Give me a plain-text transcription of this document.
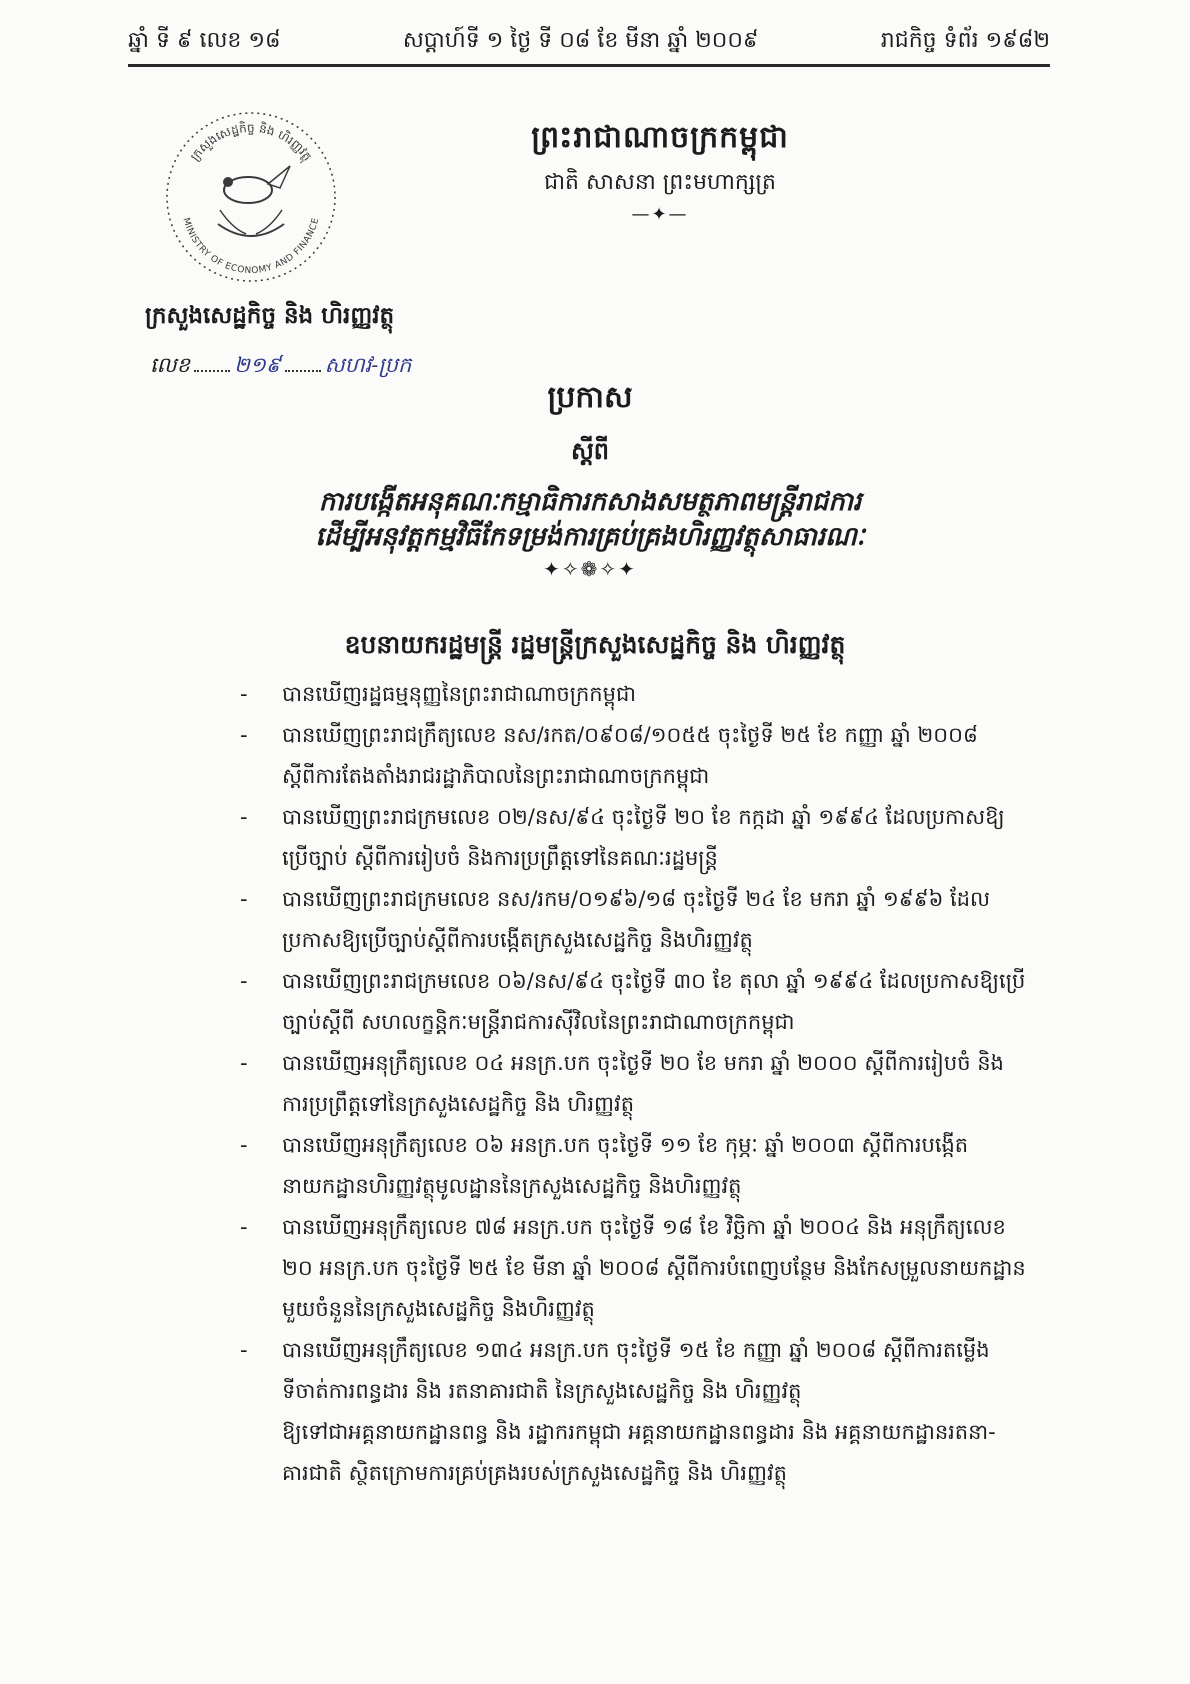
ឆ្នាំ ទី ៩ លេខ ១៨	សប្តាហ៍ទី ១ ថ្ងៃ ទី ០៨ ខែ មីនា ឆ្នាំ ២០០៩	រាជកិច្ច ទំព័រ ១៩៨២
ក្រសួងសេដ្ឋកិច្ច និង ហិរញ្ញវត្ថុ
MINISTRY OF ECONOMY AND FINANCE
ក្រសួងសេដ្ឋកិច្ច និង ហិរញ្ញវត្ថុ
លេខ ២១៩ សហវ-ប្រក
ព្រះរាជាណាចក្រកម្ពុជា
ជាតិ សាសនា ព្រះមហាក្សត្រ
—✦—
ប្រកាស
ស្តីពី
ការបង្កើតអនុគណៈកម្មាធិការកសាងសមត្ថភាពមន្ត្រីរាជការ
ដើម្បីអនុវត្តកម្មវិធីកែទម្រង់ការគ្រប់គ្រងហិរញ្ញវត្ថុសាធារណៈ
✦✧❁✧✦
ឧបនាយករដ្ឋមន្ត្រី រដ្ឋមន្ត្រីក្រសួងសេដ្ឋកិច្ច និង ហិរញ្ញវត្ថុ
- បានឃើញរដ្ឋធម្មនុញ្ញនៃព្រះរាជាណាចក្រកម្ពុជា
- បានឃើញព្រះរាជក្រឹត្យលេខ នស/រកត/០៩០៨/១០៥៥ ចុះថ្ងៃទី ២៥ ខែ កញ្ញា ឆ្នាំ ២០០៨
ស្តីពីការតែងតាំងរាជរដ្ឋាភិបាលនៃព្រះរាជាណាចក្រកម្ពុជា
- បានឃើញព្រះរាជក្រមលេខ ០២/នស/៩៤ ចុះថ្ងៃទី ២០ ខែ កក្កដា ឆ្នាំ ១៩៩៤ ដែលប្រកាសឱ្យ
ប្រើច្បាប់ ស្តីពីការរៀបចំ និងការប្រព្រឹត្តទៅនៃគណៈរដ្ឋមន្ត្រី
- បានឃើញព្រះរាជក្រមលេខ នស/រកម/០១៩៦/១៨ ចុះថ្ងៃទី ២៤ ខែ មករា ឆ្នាំ ១៩៩៦ ដែល
ប្រកាសឱ្យប្រើច្បាប់ស្តីពីការបង្កើតក្រសួងសេដ្ឋកិច្ច និងហិរញ្ញវត្ថុ
- បានឃើញព្រះរាជក្រមលេខ ០៦/នស/៩៤ ចុះថ្ងៃទី ៣០ ខែ តុលា ឆ្នាំ ១៩៩៤ ដែលប្រកាសឱ្យប្រើ
ច្បាប់ស្តីពី សហលក្ខន្តិកៈមន្ត្រីរាជការស៊ីវិលនៃព្រះរាជាណាចក្រកម្ពុជា
- បានឃើញអនុក្រឹត្យលេខ ០៤ អនក្រ.បក ចុះថ្ងៃទី ២០ ខែ មករា ឆ្នាំ ២០០០ ស្តីពីការរៀបចំ និង
ការប្រព្រឹត្តទៅនៃក្រសួងសេដ្ឋកិច្ច និង ហិរញ្ញវត្ថុ
- បានឃើញអនុក្រឹត្យលេខ ០៦ អនក្រ.បក ចុះថ្ងៃទី ១១ ខែ កុម្ភៈ ឆ្នាំ ២០០៣ ស្តីពីការបង្កើត
នាយកដ្ឋានហិរញ្ញវត្ថុមូលដ្ឋាននៃក្រសួងសេដ្ឋកិច្ច និងហិរញ្ញវត្ថុ
- បានឃើញអនុក្រឹត្យលេខ ៧៨ អនក្រ.បក ចុះថ្ងៃទី ១៨ ខែ វិច្ឆិកា ឆ្នាំ ២០០៤ និង អនុក្រឹត្យលេខ
២០ អនក្រ.បក ចុះថ្ងៃទី ២៥ ខែ មីនា ឆ្នាំ ២០០៨ ស្តីពីការបំពេញបន្ថែម និងកែសម្រួលនាយកដ្ឋាន
មួយចំនួននៃក្រសួងសេដ្ឋកិច្ច និងហិរញ្ញវត្ថុ
- បានឃើញអនុក្រឹត្យលេខ ១៣៤ អនក្រ.បក ចុះថ្ងៃទី ១៥ ខែ កញ្ញា ឆ្នាំ ២០០៨ ស្តីពីការតម្លើង
ទីចាត់ការពន្ធដារ និង រតនាគារជាតិ នៃក្រសួងសេដ្ឋកិច្ច និង ហិរញ្ញវត្ថុ
ឱ្យទៅជាអគ្គនាយកដ្ឋានពន្ធ និង រដ្ឋាករកម្ពុជា អគ្គនាយកដ្ឋានពន្ធដារ និង អគ្គនាយកដ្ឋានរតនា-
គារជាតិ ស្ថិតក្រោមការគ្រប់គ្រងរបស់ក្រសួងសេដ្ឋកិច្ច និង ហិរញ្ញវត្ថុ
